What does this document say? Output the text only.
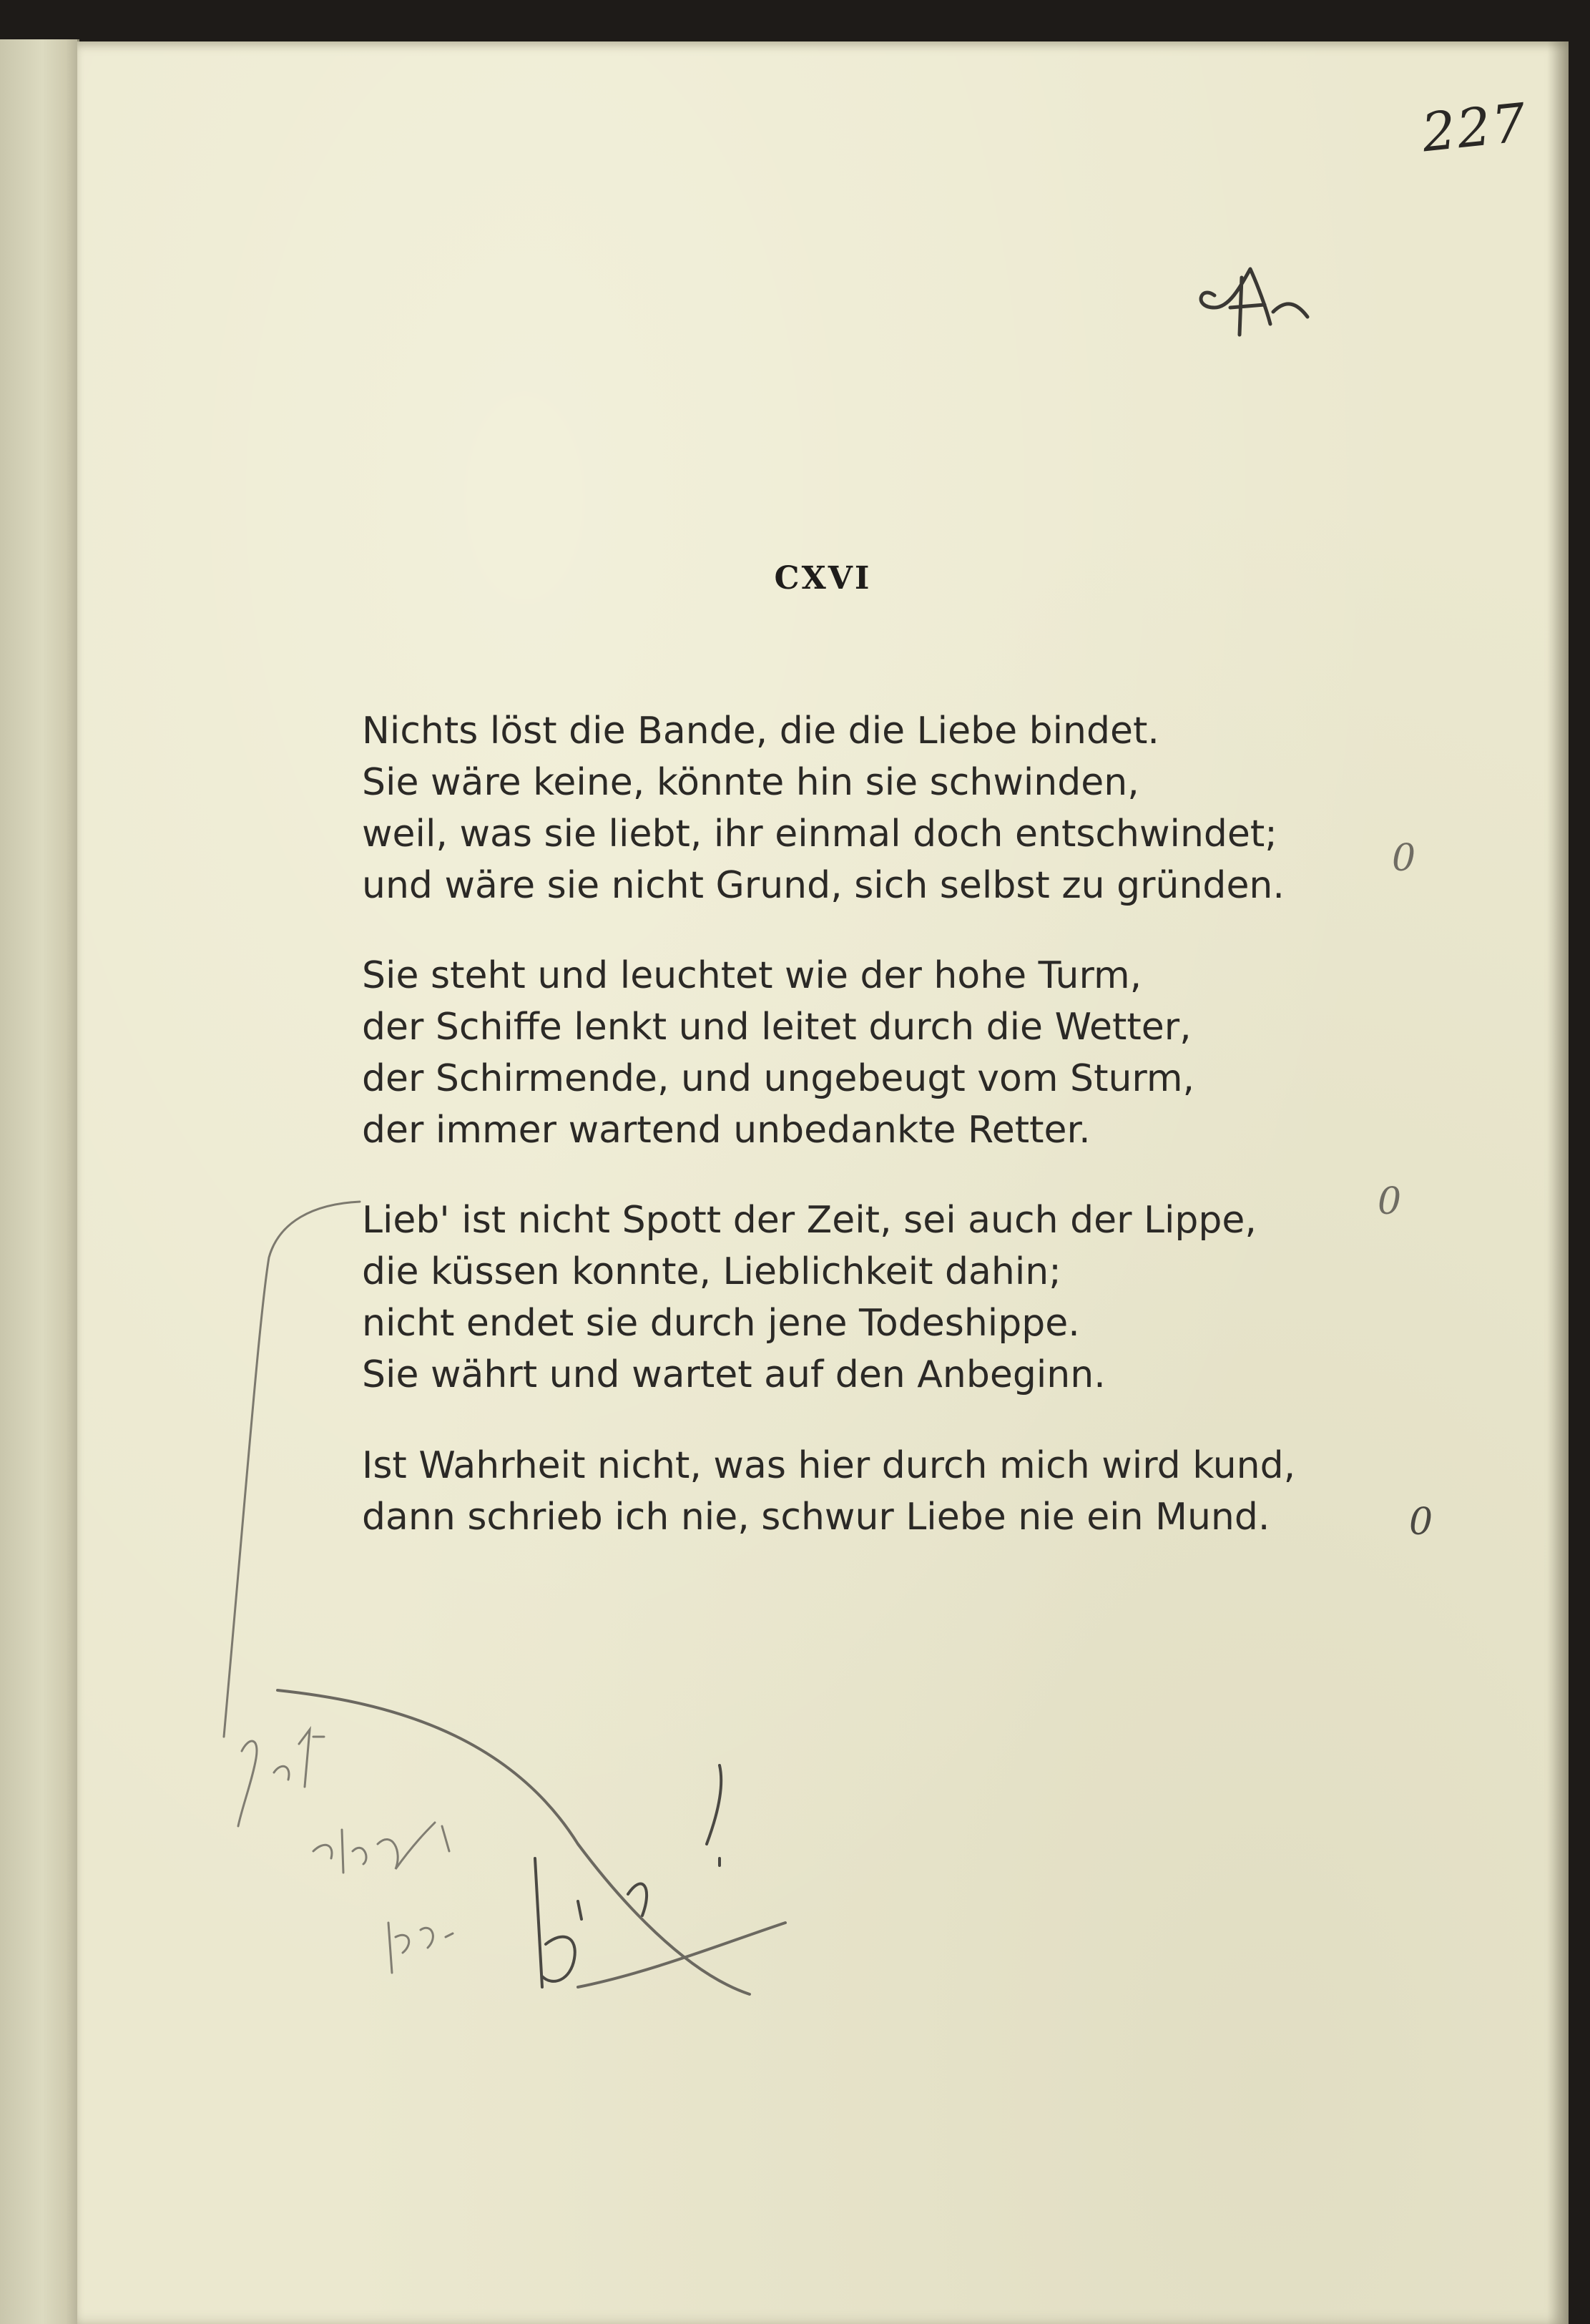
227
CXVI
Nichts löst die Bande, die die Liebe bindet.
Sie wäre keine, könnte hin sie schwinden,
weil, was sie liebt, ihr einmal doch entschwindet;
und wäre sie nicht Grund, sich selbst zu gründen.
Sie steht und leuchtet wie der hohe Turm,
der Schiffe lenkt und leitet durch die Wetter,
der Schirmende, und ungebeugt vom Sturm,
der immer wartend unbedankte Retter.
Lieb' ist nicht Spott der Zeit, sei auch der Lippe,
die küssen konnte, Lieblichkeit dahin;
nicht endet sie durch jene Todeshippe.
Sie währt und wartet auf den Anbeginn.
Ist Wahrheit nicht, was hier durch mich wird kund,
dann schrieb ich nie, schwur Liebe nie ein Mund.
0
0
0
